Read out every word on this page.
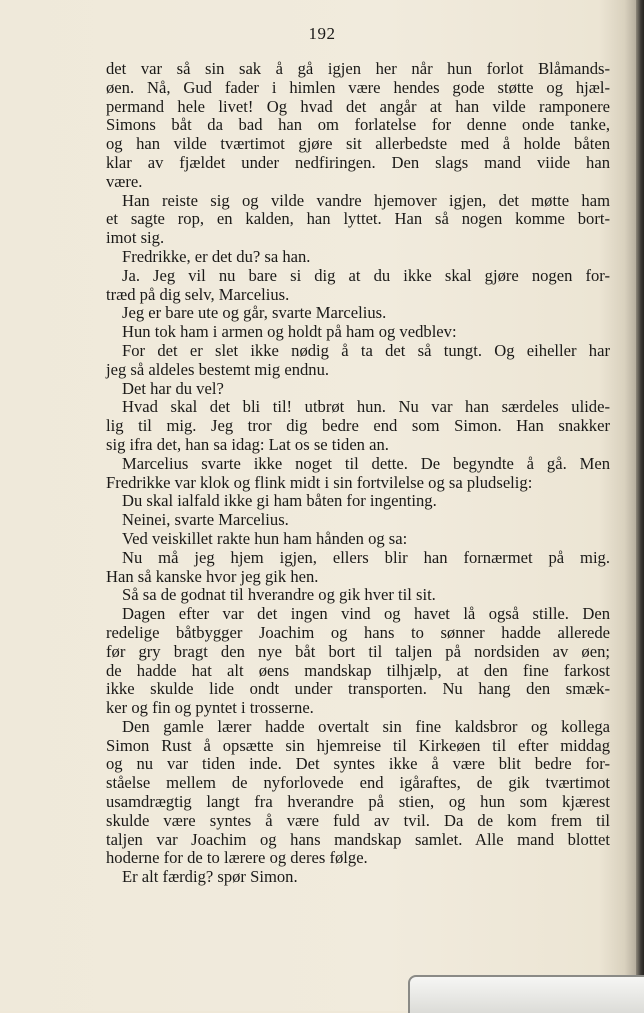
192
det var så sin sak å gå igjen her når hun forlot Blåmands-
øen. Nå, Gud fader i himlen være hendes gode støtte og hjæl-
permand hele livet! Og hvad det angår at han vilde ramponere
Simons båt da bad han om forlatelse for denne onde tanke,
og han vilde tværtimot gjøre sit allerbedste med å holde båten
klar av fjældet under nedfiringen. Den slags mand viide han
være.
Han reiste sig og vilde vandre hjemover igjen, det møtte ham
et sagte rop, en kalden, han lyttet. Han så nogen komme bort-
imot sig.
Fredrikke, er det du? sa han.
Ja. Jeg vil nu bare si dig at du ikke skal gjøre nogen for-
træd på dig selv, Marcelius.
Jeg er bare ute og går, svarte Marcelius.
Hun tok ham i armen og holdt på ham og vedblev:
For det er slet ikke nødig å ta det så tungt. Og eiheller har
jeg så aldeles bestemt mig endnu.
Det har du vel?
Hvad skal det bli til! utbrøt hun. Nu var han særdeles ulide-
lig til mig. Jeg tror dig bedre end som Simon. Han snakker
sig ifra det, han sa idag: Lat os se tiden an.
Marcelius svarte ikke noget til dette. De begyndte å gå. Men
Fredrikke var klok og flink midt i sin fortvilelse og sa pludselig:
Du skal ialfald ikke gi ham båten for ingenting.
Neinei, svarte Marcelius.
Ved veiskillet rakte hun ham hånden og sa:
Nu må jeg hjem igjen, ellers blir han fornærmet på mig.
Han så kanske hvor jeg gik hen.
Så sa de godnat til hverandre og gik hver til sit.
Dagen efter var det ingen vind og havet lå også stille. Den
redelige båtbygger Joachim og hans to sønner hadde allerede
før gry bragt den nye båt bort til taljen på nordsiden av øen;
de hadde hat alt øens mandskap tilhjælp, at den fine farkost
ikke skulde lide ondt under transporten. Nu hang den smæk-
ker og fin og pyntet i trosserne.
Den gamle lærer hadde overtalt sin fine kaldsbror og kollega
Simon Rust å opsætte sin hjemreise til Kirkeøen til efter middag
og nu var tiden inde. Det syntes ikke å være blit bedre for-
ståelse mellem de nyforlovede end igåraftes, de gik tværtimot
usamdrægtig langt fra hverandre på stien, og hun som kjærest
skulde være syntes å være fuld av tvil. Da de kom frem til
taljen var Joachim og hans mandskap samlet. Alle mand blottet
hoderne for de to lærere og deres følge.
Er alt færdig? spør Simon.
